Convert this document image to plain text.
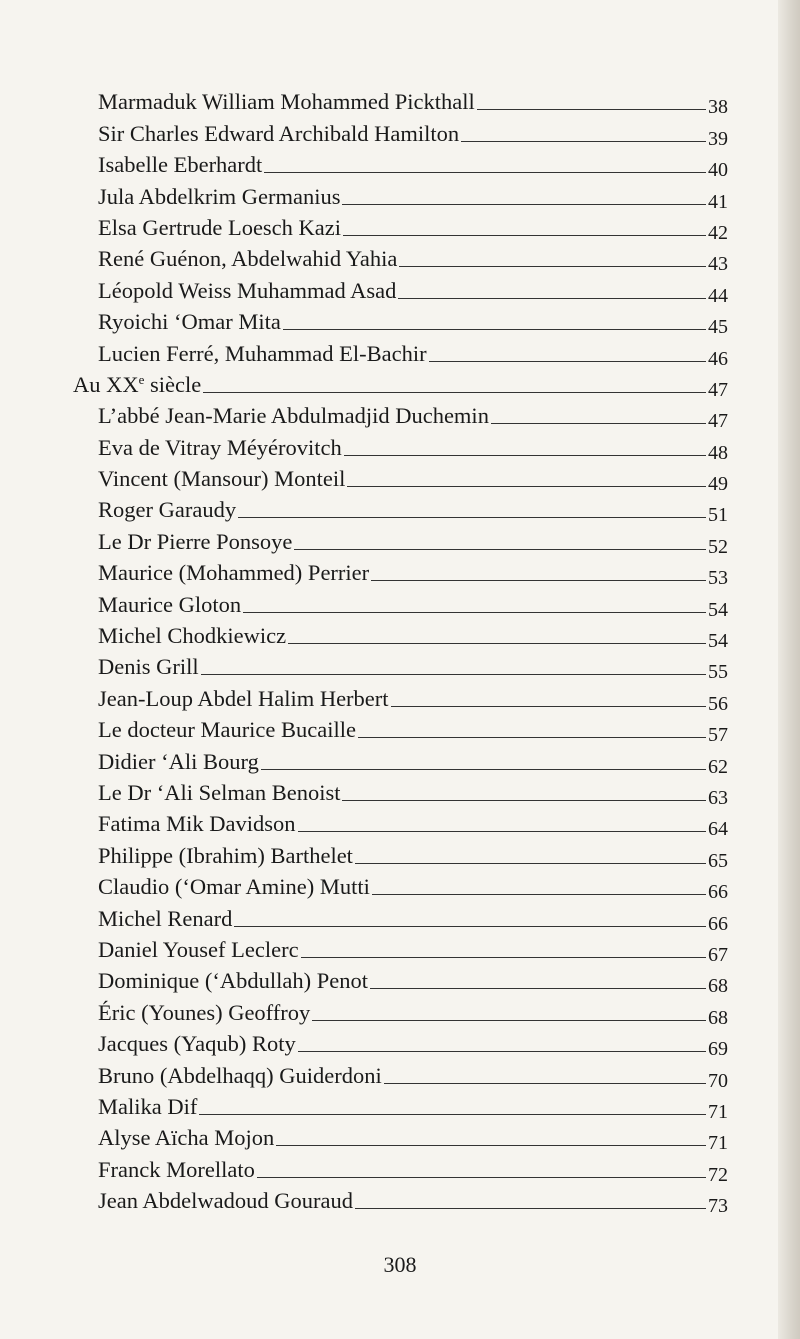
Marmaduk William Mohammed Pickthall	38
Sir Charles Edward Archibald Hamilton	39
Isabelle Eberhardt	40
Jula Abdelkrim Germanius	41
Elsa Gertrude Loesch Kazi	42
René Guénon, Abdelwahid Yahia	43
Léopold Weiss Muhammad Asad	44
Ryoichi ‘Omar Mita	45
Lucien Ferré, Muhammad El-Bachir	46
Au XXe siècle	47
L’abbé Jean-Marie Abdulmadjid Duchemin	47
Eva de Vitray Méyérovitch	48
Vincent (Mansour) Monteil	49
Roger Garaudy	51
Le Dr Pierre Ponsoye	52
Maurice (Mohammed) Perrier	53
Maurice Gloton	54
Michel Chodkiewicz	54
Denis Grill	55
Jean-Loup Abdel Halim Herbert	56
Le docteur Maurice Bucaille	57
Didier ‘Ali Bourg	62
Le Dr ‘Ali Selman Benoist	63
Fatima Mik Davidson	64
Philippe (Ibrahim) Barthelet	65
Claudio (‘Omar Amine) Mutti	66
Michel Renard	66
Daniel Yousef Leclerc	67
Dominique (‘Abdullah) Penot	68
Éric (Younes) Geoffroy	68
Jacques (Yaqub) Roty	69
Bruno (Abdelhaqq) Guiderdoni	70
Malika Dif	71
Alyse Aïcha Mojon	71
Franck Morellato	72
Jean Abdelwadoud Gouraud	73
308
